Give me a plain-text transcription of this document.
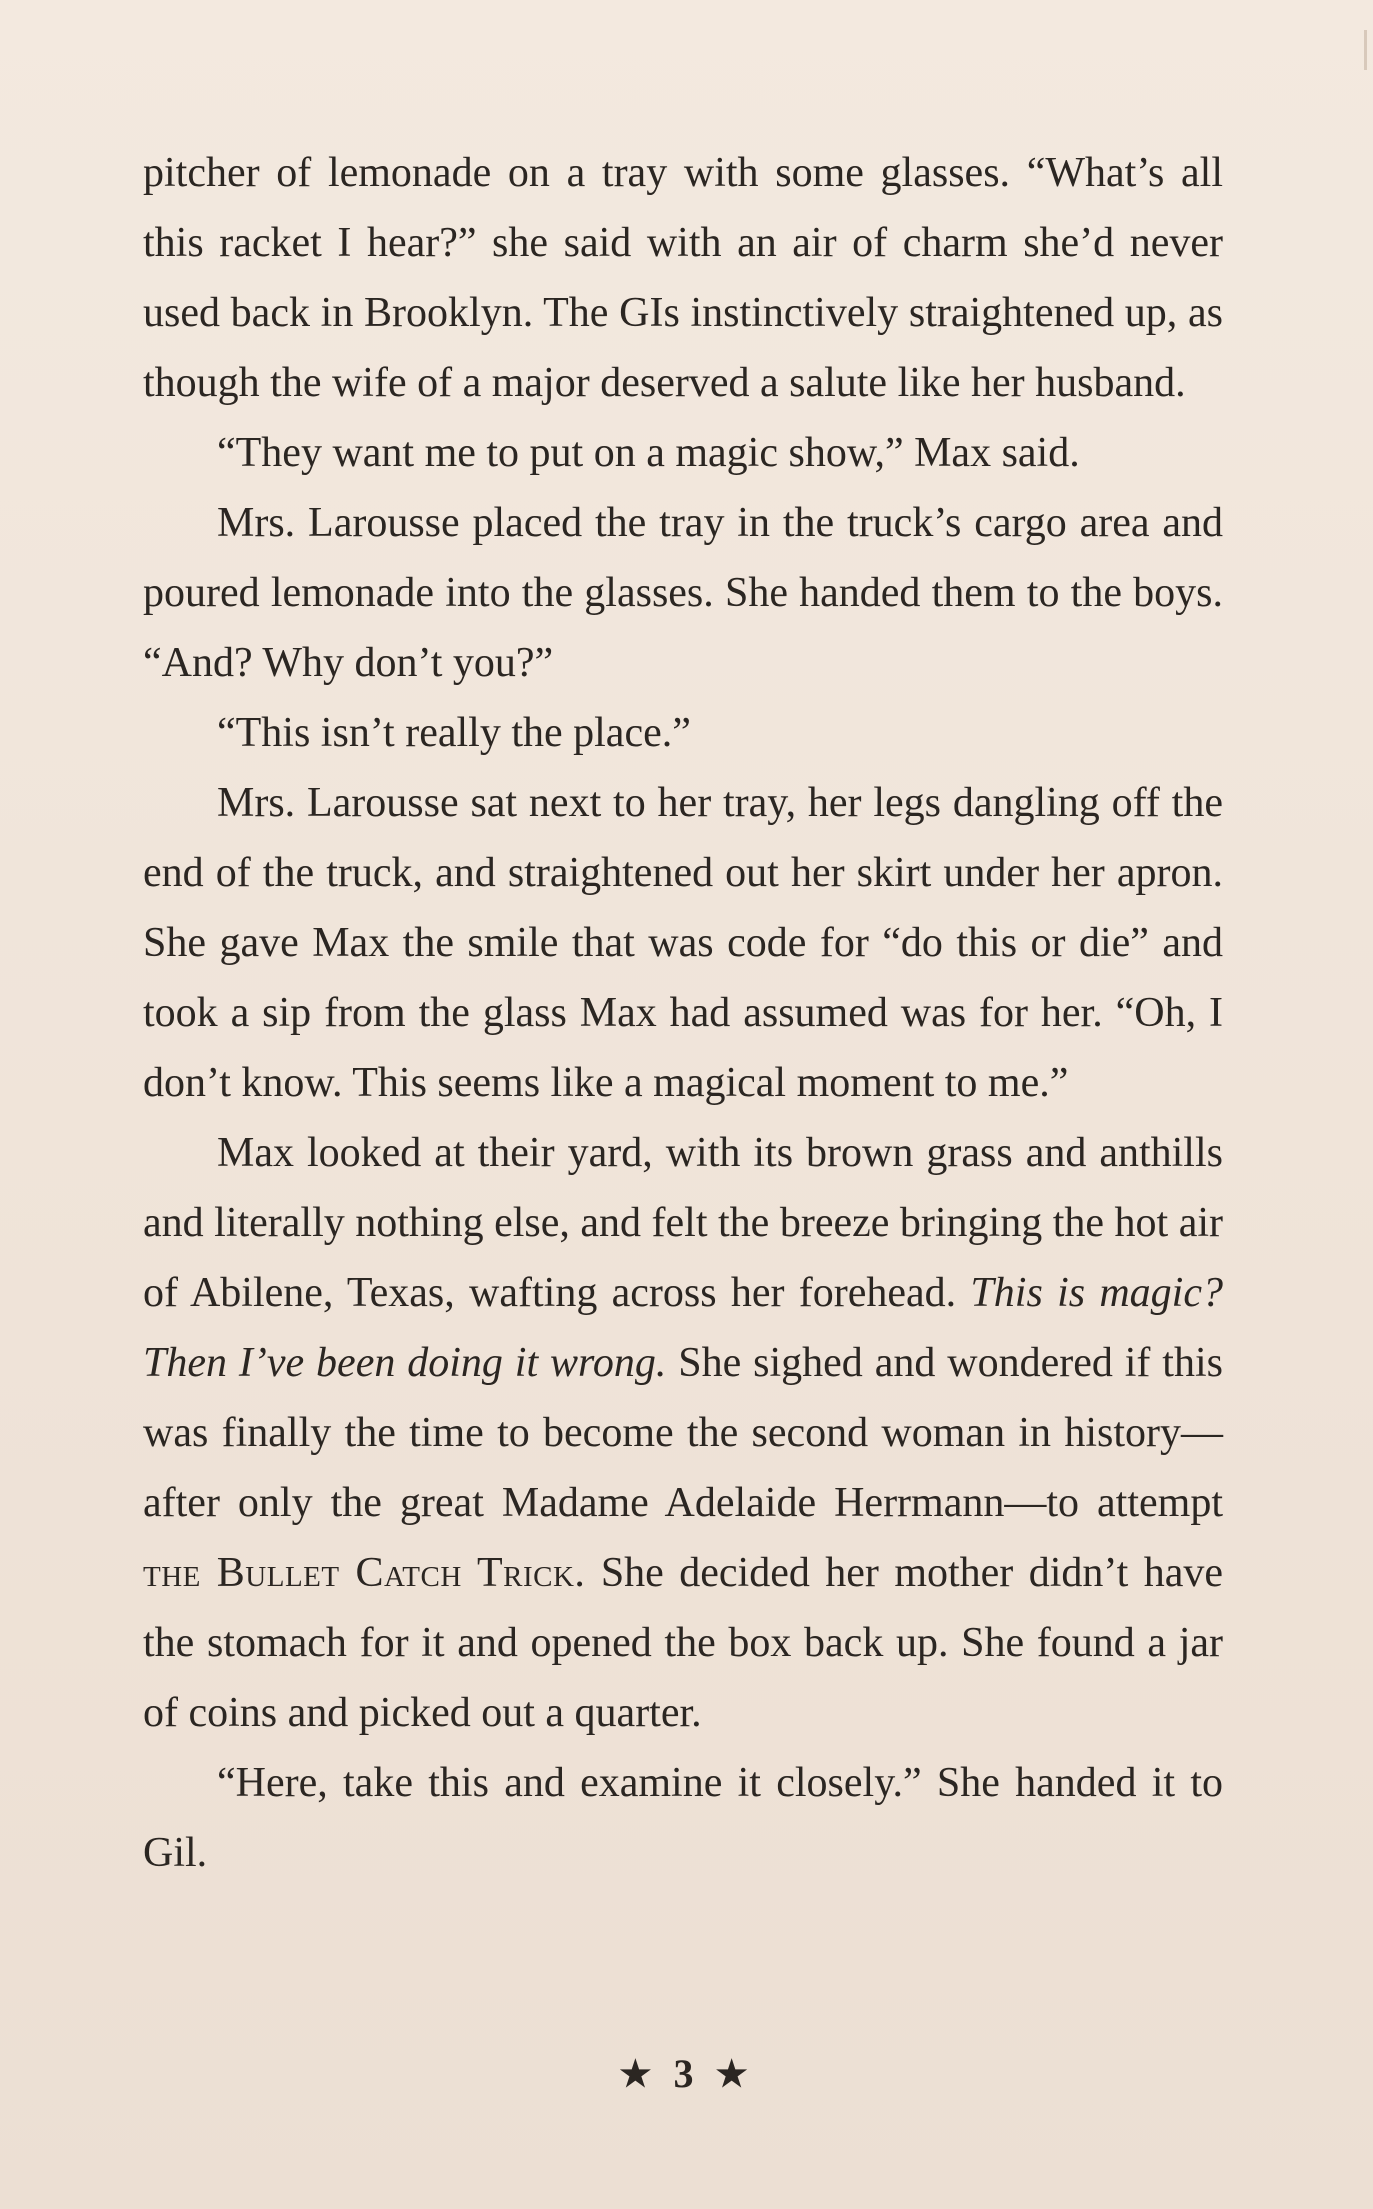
pitcher of lemonade on a tray with some glasses. “What’s all this racket I hear?” she said with an air of charm she’d never used back in Brooklyn. The GIs instinctively straightened up, as though the wife of a major deserved a salute like her husband.

“They want me to put on a magic show,” Max said.

Mrs. Larousse placed the tray in the truck’s cargo area and poured lemonade into the glasses. She handed them to the boys. “And? Why don’t you?”

“This isn’t really the place.”

Mrs. Larousse sat next to her tray, her legs dangling off the end of the truck, and straightened out her skirt under her apron. She gave Max the smile that was code for “do this or die” and took a sip from the glass Max had assumed was for her. “Oh, I don’t know. This seems like a magical moment to me.”

Max looked at their yard, with its brown grass and anthills and literally nothing else, and felt the breeze bringing the hot air of Abilene, Texas, wafting across her forehead. This is magic? Then I’ve been doing it wrong. She sighed and wondered if this was finally the time to become the second woman in history—after only the great Madame Adelaide Herrmann—to attempt the Bullet Catch Trick. She decided her mother didn’t have the stomach for it and opened the box back up. She found a jar of coins and picked out a quarter.

“Here, take this and examine it closely.” She handed it to Gil.

★ 3 ★
